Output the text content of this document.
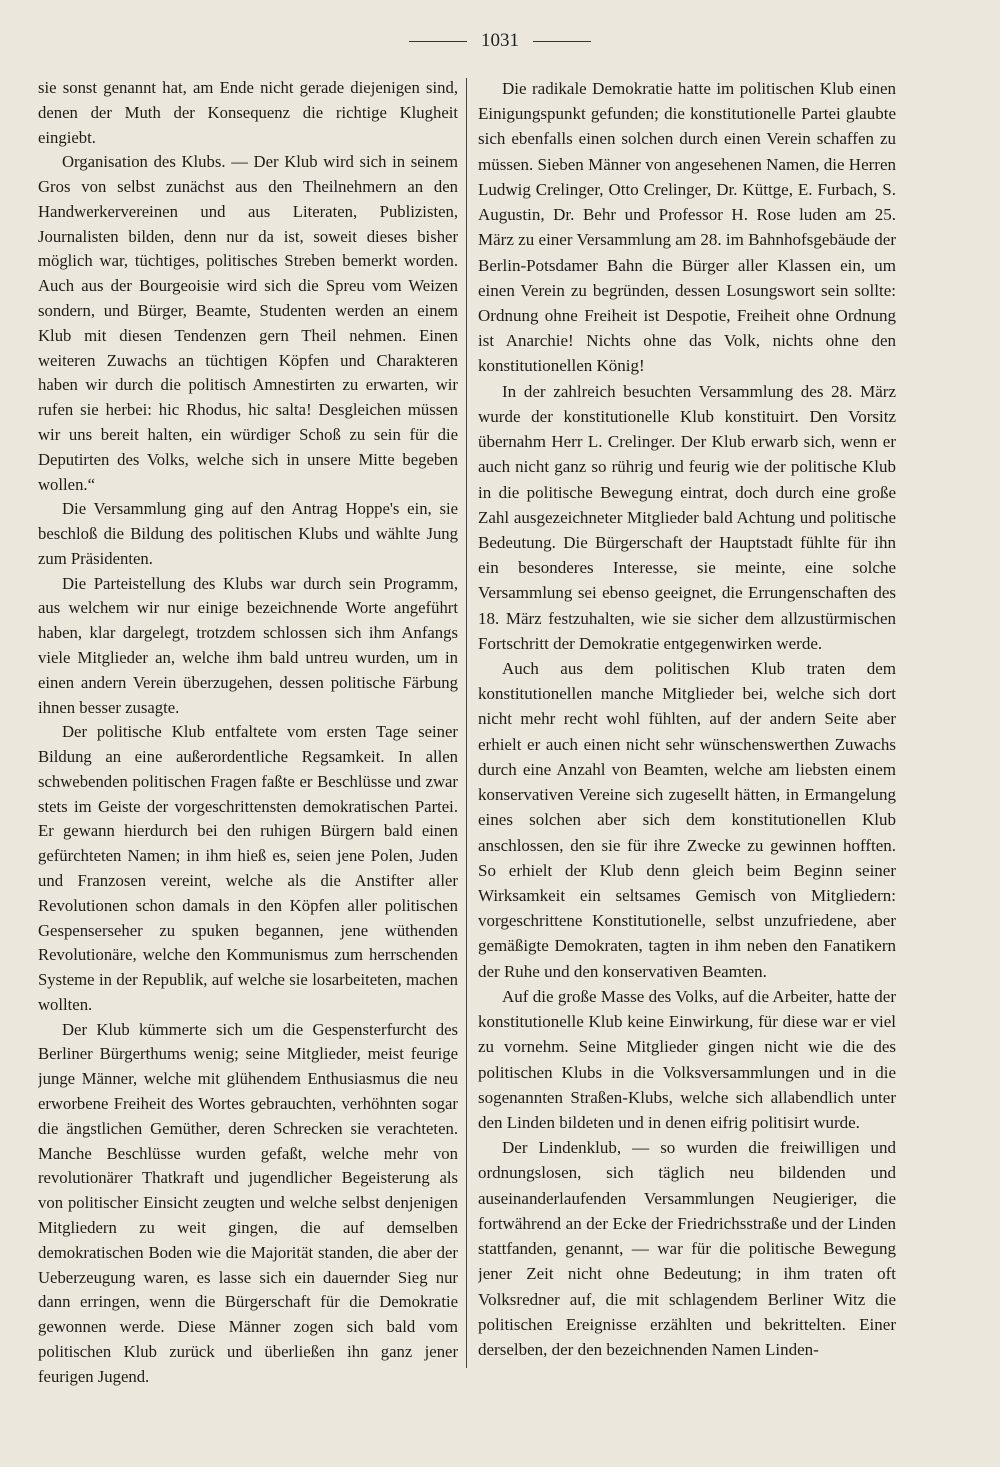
1031

sie sonst genannt hat, am Ende nicht gerade diejenigen sind, denen der Muth der Konsequenz die richtige Klugheit eingiebt.

Organisation des Klubs. — Der Klub wird sich in seinem Gros von selbst zunächst aus den Theilnehmern an den Handwerkervereinen und aus Literaten, Publizisten, Journalisten bilden, denn nur da ist, soweit dieses bisher möglich war, tüchtiges, politisches Streben bemerkt worden. Auch aus der Bourgeoisie wird sich die Spreu vom Weizen sondern, und Bürger, Beamte, Studenten werden an einem Klub mit diesen Tendenzen gern Theil nehmen. Einen weiteren Zuwachs an tüchtigen Köpfen und Charakteren haben wir durch die politisch Amnestirten zu erwarten, wir rufen sie herbei: hic Rhodus, hic salta! Desgleichen müssen wir uns bereit halten, ein würdiger Schoß zu sein für die Deputirten des Volks, welche sich in unsere Mitte begeben wollen.“

Die Versammlung ging auf den Antrag Hoppe's ein, sie beschloß die Bildung des politischen Klubs und wählte Jung zum Präsidenten.

Die Parteistellung des Klubs war durch sein Programm, aus welchem wir nur einige bezeichnende Worte angeführt haben, klar dargelegt, trotzdem schlossen sich ihm Anfangs viele Mitglieder an, welche ihm bald untreu wurden, um in einen andern Verein überzugehen, dessen politische Färbung ihnen besser zusagte.

Der politische Klub entfaltete vom ersten Tage seiner Bildung an eine außerordentliche Regsamkeit. In allen schwebenden politischen Fragen faßte er Beschlüsse und zwar stets im Geiste der vorgeschrittensten demokratischen Partei. Er gewann hierdurch bei den ruhigen Bürgern bald einen gefürchteten Namen; in ihm hieß es, seien jene Polen, Juden und Franzosen vereint, welche als die Anstifter aller Revolutionen schon damals in den Köpfen aller politischen Gespenserseher zu spuken begannen, jene wüthenden Revolutionäre, welche den Kommunismus zum herrschenden Systeme in der Republik, auf welche sie losarbeiteten, machen wollten.

Der Klub kümmerte sich um die Gespensterfurcht des Berliner Bürgerthums wenig; seine Mitglieder, meist feurige junge Männer, welche mit glühendem Enthusiasmus die neu erworbene Freiheit des Wortes gebrauchten, verhöhnten sogar die ängstlichen Gemüther, deren Schrecken sie verachteten. Manche Beschlüsse wurden gefaßt, welche mehr von revolutionärer Thatkraft und jugendlicher Begeisterung als von politischer Einsicht zeugten und welche selbst denjenigen Mitgliedern zu weit gingen, die auf demselben demokratischen Boden wie die Majorität standen, die aber der Ueberzeugung waren, es lasse sich ein dauernder Sieg nur dann erringen, wenn die Bürgerschaft für die Demokratie gewonnen werde. Diese Männer zogen sich bald vom politischen Klub zurück und überließen ihn ganz jener feurigen Jugend.

Die radikale Demokratie hatte im politischen Klub einen Einigungspunkt gefunden; die konstitutionelle Partei glaubte sich ebenfalls einen solchen durch einen Verein schaffen zu müssen. Sieben Männer von angesehenen Namen, die Herren Ludwig Crelinger, Otto Crelinger, Dr. Küttge, E. Furbach, S. Augustin, Dr. Behr und Professor H. Rose luden am 25. März zu einer Versammlung am 28. im Bahnhofsgebäude der Berlin-Potsdamer Bahn die Bürger aller Klassen ein, um einen Verein zu begründen, dessen Losungswort sein sollte: Ordnung ohne Freiheit ist Despotie, Freiheit ohne Ordnung ist Anarchie! Nichts ohne das Volk, nichts ohne den konstitutionellen König!

In der zahlreich besuchten Versammlung des 28. März wurde der konstitutionelle Klub konstituirt. Den Vorsitz übernahm Herr L. Crelinger. Der Klub erwarb sich, wenn er auch nicht ganz so rührig und feurig wie der politische Klub in die politische Bewegung eintrat, doch durch eine große Zahl ausgezeichneter Mitglieder bald Achtung und politische Bedeutung. Die Bürgerschaft der Hauptstadt fühlte für ihn ein besonderes Interesse, sie meinte, eine solche Versammlung sei ebenso geeignet, die Errungenschaften des 18. März festzuhalten, wie sie sicher dem allzustürmischen Fortschritt der Demokratie entgegenwirken werde.

Auch aus dem politischen Klub traten dem konstitutionellen manche Mitglieder bei, welche sich dort nicht mehr recht wohl fühlten, auf der andern Seite aber erhielt er auch einen nicht sehr wünschenswerthen Zuwachs durch eine Anzahl von Beamten, welche am liebsten einem konservativen Vereine sich zugesellt hätten, in Ermangelung eines solchen aber sich dem konstitutionellen Klub anschlossen, den sie für ihre Zwecke zu gewinnen hofften. So erhielt der Klub denn gleich beim Beginn seiner Wirksamkeit ein seltsames Gemisch von Mitgliedern: vorgeschrittene Konstitutionelle, selbst unzufriedene, aber gemäßigte Demokraten, tagten in ihm neben den Fanatikern der Ruhe und den konservativen Beamten.

Auf die große Masse des Volks, auf die Arbeiter, hatte der konstitutionelle Klub keine Einwirkung, für diese war er viel zu vornehm. Seine Mitglieder gingen nicht wie die des politischen Klubs in die Volksversammlungen und in die sogenannten Straßen-Klubs, welche sich allabendlich unter den Linden bildeten und in denen eifrig politisirt wurde.

Der Lindenklub, — so wurden die freiwilligen und ordnungslosen, sich täglich neu bildenden und auseinanderlaufenden Versammlungen Neugieriger, die fortwährend an der Ecke der Friedrichsstraße und der Linden stattfanden, genannt, — war für die politische Bewegung jener Zeit nicht ohne Bedeutung; in ihm traten oft Volksredner auf, die mit schlagendem Berliner Witz die politischen Ereignisse erzählten und bekrittelten. Einer derselben, der den bezeichnenden Namen Linden-
